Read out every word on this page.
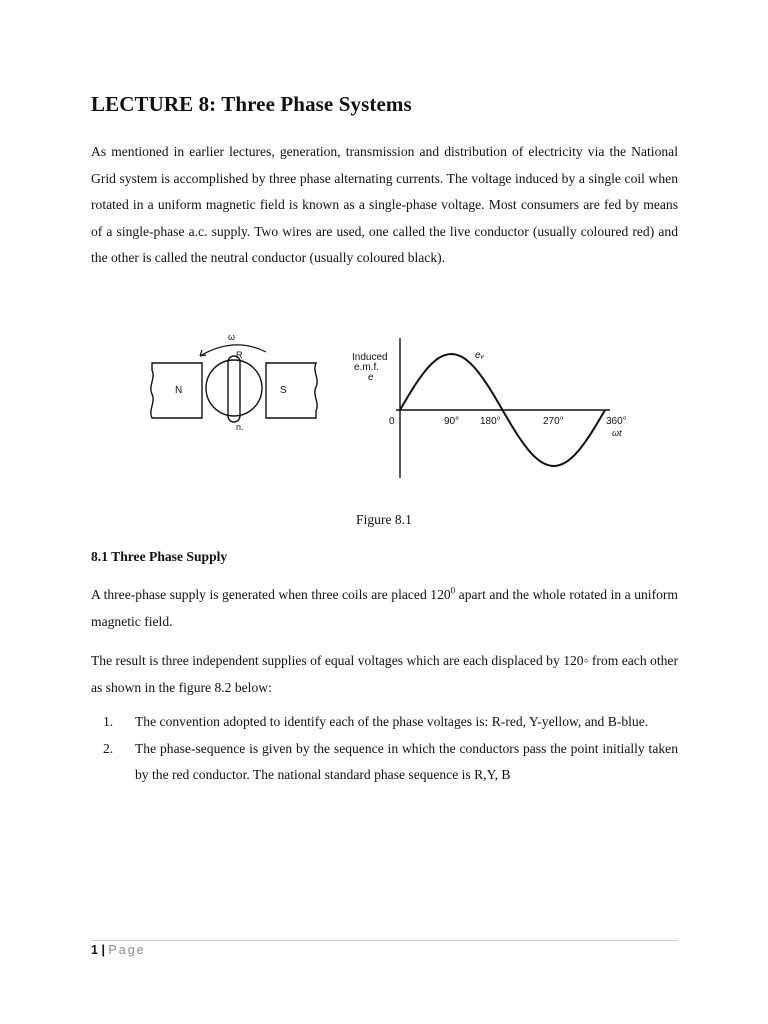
LECTURE 8: Three Phase Systems

As mentioned in earlier lectures, generation, transmission and distribution of electricity via the National Grid system is accomplished by three phase alternating currents. The voltage induced by a single coil when rotated in a uniform magnetic field is known as a single-phase voltage. Most consumers are fed by means of a single-phase a.c. supply. Two wires are used, one called the live conductor (usually coloured red) and the other is called the neutral conductor (usually coloured black).

N	S
ω
R
n.
Induced
e.m.f.
e
eᵥ
0	90° 180°	270°	360°
ωt
Figure 8.1
8.1 Three Phase Supply

A three-phase supply is generated when three coils are placed $120^0$ apart and the whole rotated in a uniform magnetic field.

The result is three independent supplies of equal voltages which are each displaced by 120◦ from each other as shown in the figure 8.2 below:

1. The convention adopted to identify each of the phase voltages is: R-red, Y-yellow, and B-blue.
2. The phase-sequence is given by the sequence in which the conductors pass the point initially taken by the red conductor. The national standard phase sequence is R,Y, B
1 | Page
